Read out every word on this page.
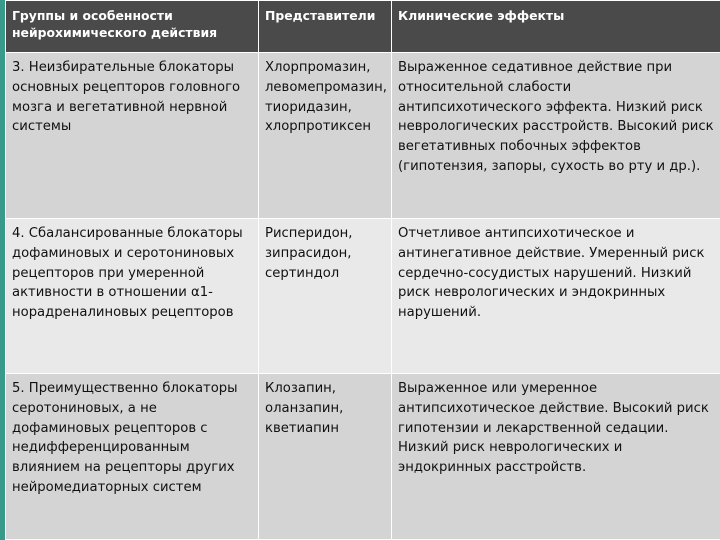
Группы и особенности нейрохимического действия	Представители	Клинические эффекты
3. Неизбирательные блокаторы основных рецепторов головного мозга и вегетативной нервной системы	Хлорпромазин, левомепромазин, тиоридазин, хлорпротиксен	Выраженное седативное действие при относительной слабости антипсихотического эффекта. Низкий риск неврологических расстройств. Высокий риск вегетативных побочных эффектов (гипотензия, запоры, сухость во рту и др.).
4. Сбалансированные блокаторы дофаминовых и серотониновых рецепторов при умеренной активности в отношении α1-норадреналиновых рецепторов	Рисперидон, зипрасидон, сертиндол	Отчетливое антипсихотическое и антинегативное действие. Умеренный риск сердечно-сосудистых нарушений. Низкий риск неврологических и эндокринных нарушений.
5. Преимущественно блокаторы серотониновых, а не дофаминовых рецепторов с недифференцированным влиянием на рецепторы других нейромедиаторных систем	Клозапин, оланзапин, кветиапин	Выраженное или умеренное антипсихотическое действие. Высокий риск гипотензии и лекарственной седации. Низкий риск неврологических и эндокринных расстройств.
